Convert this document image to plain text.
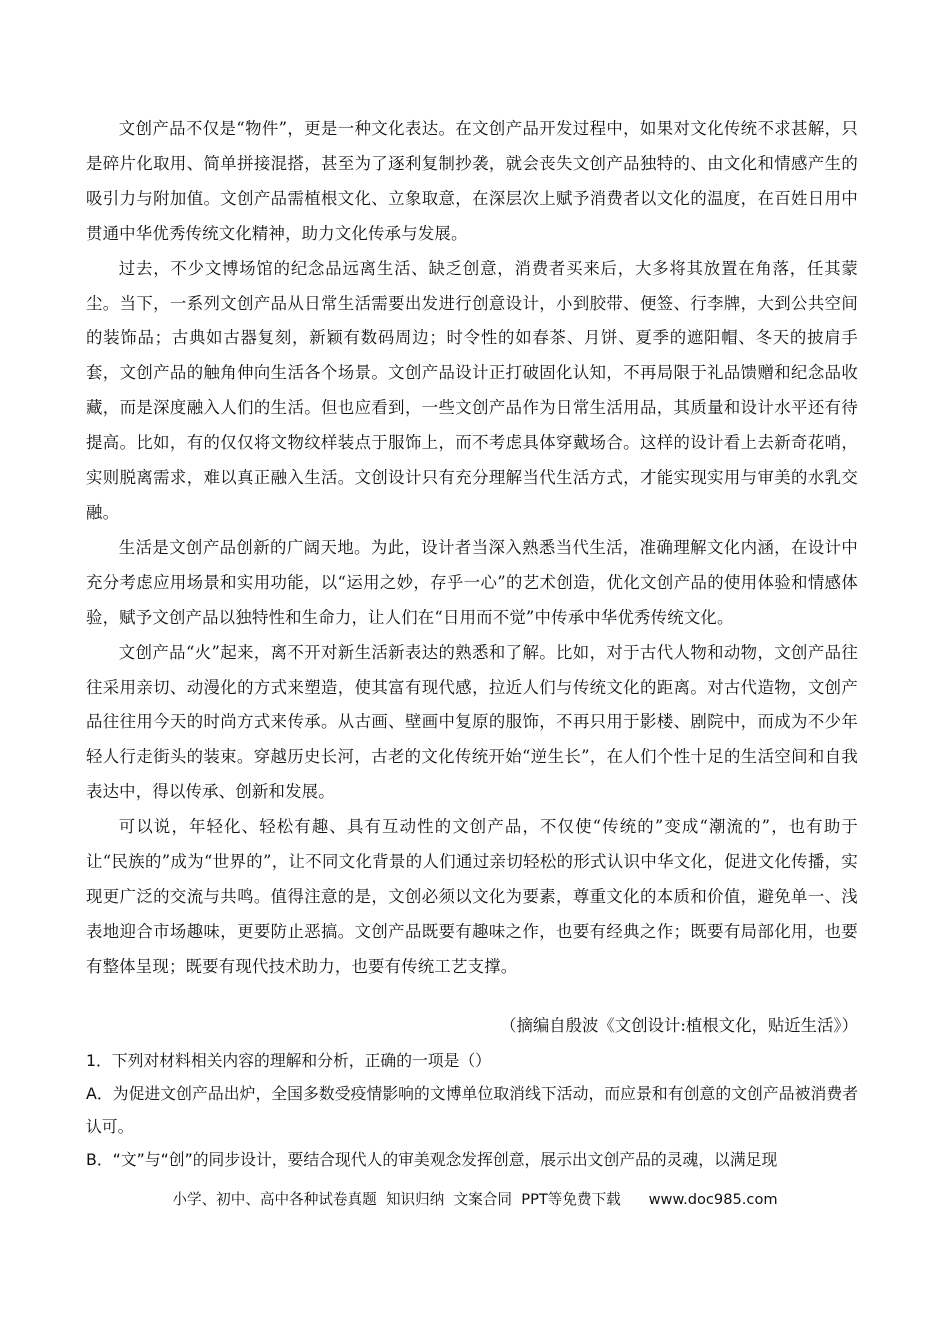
文创产品不仅是“物件”，更是一种文化表达。在文创产品开发过程中，如果对文化传统不求甚解，只是碎片化取用、简单拼接混搭，甚至为了逐利复制抄袭，就会丧失文创产品独特的、由文化和情感产生的吸引力与附加值。文创产品需植根文化、立象取意，在深层次上赋予消费者以文化的温度，在百姓日用中贯通中华优秀传统文化精神，助力文化传承与发展。

过去，不少文博场馆的纪念品远离生活、缺乏创意，消费者买来后，大多将其放置在角落，任其蒙尘。当下，一系列文创产品从日常生活需要出发进行创意设计，小到胶带、便签、行李牌，大到公共空间的装饰品；古典如古器复刻，新颖有数码周边；时令性的如春茶、月饼、夏季的遮阳帽、冬天的披肩手套，文创产品的触角伸向生活各个场景。文创产品设计正打破固化认知，不再局限于礼品馈赠和纪念品收藏，而是深度融入人们的生活。但也应看到，一些文创产品作为日常生活用品，其质量和设计水平还有待提高。比如，有的仅仅将文物纹样装点于服饰上，而不考虑具体穿戴场合。这样的设计看上去新奇花哨，实则脱离需求，难以真正融入生活。文创设计只有充分理解当代生活方式，才能实现实用与审美的水乳交融。

生活是文创产品创新的广阔天地。为此，设计者当深入熟悉当代生活，准确理解文化内涵，在设计中充分考虑应用场景和实用功能，以“运用之妙，存乎一心”的艺术创造，优化文创产品的使用体验和情感体验，赋予文创产品以独特性和生命力，让人们在“日用而不觉”中传承中华优秀传统文化。

文创产品“火”起来，离不开对新生活新表达的熟悉和了解。比如，对于古代人物和动物，文创产品往往采用亲切、动漫化的方式来塑造，使其富有现代感，拉近人们与传统文化的距离。对古代造物，文创产品往往用今天的时尚方式来传承。从古画、壁画中复原的服饰，不再只用于影楼、剧院中，而成为不少年轻人行走街头的装束。穿越历史长河，古老的文化传统开始“逆生长”，在人们个性十足的生活空间和自我表达中，得以传承、创新和发展。

可以说，年轻化、轻松有趣、具有互动性的文创产品，不仅使“传统的”变成“潮流的”，也有助于让“民族的”成为“世界的”，让不同文化背景的人们通过亲切轻松的形式认识中华文化，促进文化传播，实现更广泛的交流与共鸣。值得注意的是，文创必须以文化为要素，尊重文化的本质和价值，避免单一、浅表地迎合市场趣味，更要防止恶搞。文创产品既要有趣味之作，也要有经典之作；既要有局部化用，也要有整体呈现；既要有现代技术助力，也要有传统工艺支撑。

（摘编自殷波《文创设计:植根文化，贴近生活》）

1．下列对材料相关内容的理解和分析，正确的一项是（）

A．为促进文创产品出炉，全国多数受疫情影响的文博单位取消线下活动，而应景和有创意的文创产品被消费者认可。

B．“文”与“创”的同步设计，要结合现代人的审美观念发挥创意，展示出文创产品的灵魂，以满足现

小学、初中、高中各种试卷真题  知识归纳  文案合同  PPT等免费下载 www.doc985.com
